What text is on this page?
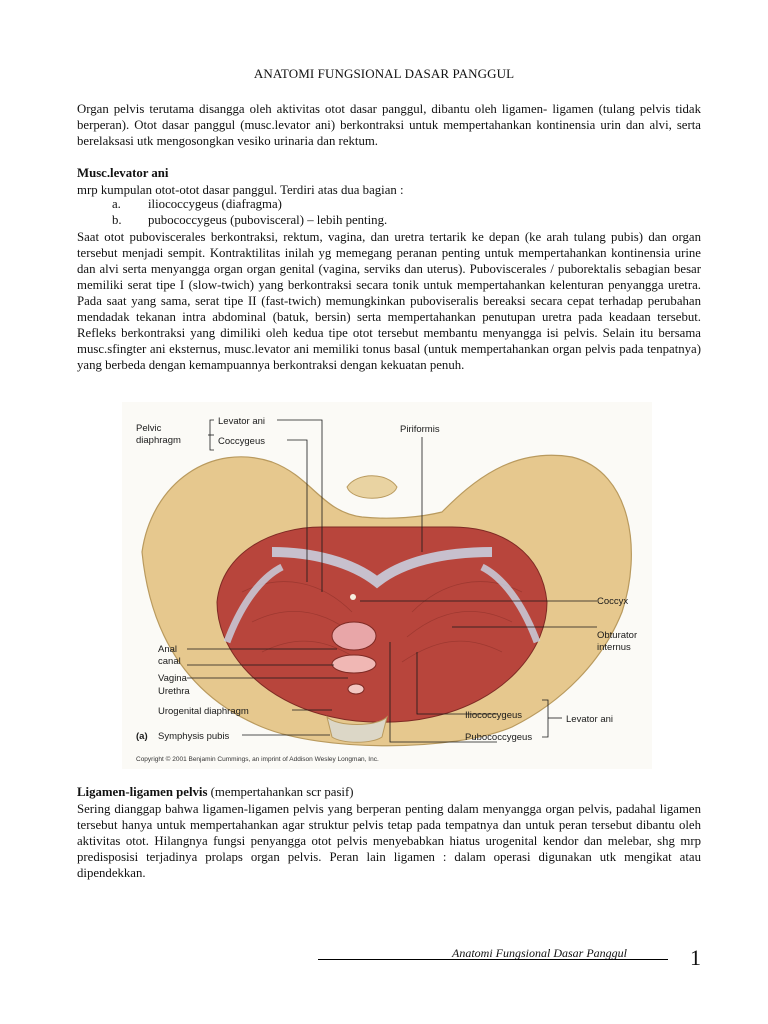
ANATOMI FUNGSIONAL DASAR PANGGUL

Organ pelvis terutama disangga oleh aktivitas otot dasar panggul, dibantu oleh ligamen- ligamen (tulang pelvis tidak berperan). Otot dasar panggul (musc.levator ani) berkontraksi untuk mempertahankan kontinensia urin dan alvi, serta berelaksasi utk mengosongkan vesiko urinaria dan rektum.

Musc.levator ani

mrp kumpulan otot-otot dasar panggul. Terdiri atas dua bagian :

a. iliococcygeus (diafragma)
b. pubococcygeus (pubovisceral) – lebih penting.

Saat otot puboviscerales berkontraksi, rektum, vagina, dan uretra tertarik ke depan (ke arah tulang pubis) dan organ tersebut menjadi sempit. Kontraktilitas inilah yg memegang peranan penting untuk mempertahankan kontinensia urine dan alvi serta menyangga organ organ genital (vagina, serviks dan uterus). Puboviscerales / puborektalis sebagian besar memiliki serat tipe I (slow-twich) yang berkontraksi secara tonik untuk mempertahankan kelenturan penyangga uretra. Pada saat yang sama, serat tipe II (fast-twich) memungkinkan puboviseralis bereaksi secara cepat terhadap perubahan mendadak tekanan intra abdominal (batuk, bersin) serta mempertahankan penutupan uretra pada keadaan tersebut. Refleks berkontraksi yang dimiliki oleh kedua tipe otot tersebut membantu menyangga isi pelvis. Selain itu bersama musc.sfingter ani eksternus, musc.levator ani memiliki tonus basal (untuk mempertahankan organ pelvis pada tenpatnya) yang berbeda dengan kemampuannya berkontraksi dengan kekuatan penuh.

Pelvic
diaphragm
Levator ani
Coccygeus
Piriformis
Coccyx
Obturator
internus
Anal
canal
Vagina
Urethra
Urogenital diaphragm
(a) Symphysis pubis
Iliococcygeus
Pubococcygeus
Levator ani
Copyright © 2001 Benjamin Cummings, an imprint of Addison Wesley Longman, Inc.

Ligamen-ligamen pelvis (mempertahankan scr pasif)

Sering dianggap bahwa ligamen-ligamen pelvis yang berperan penting dalam menyangga organ pelvis, padahal ligamen tersebut hanya untuk mempertahankan agar struktur pelvis tetap pada tempatnya dan untuk peran tersebut dibantu oleh aktivitas otot. Hilangnya fungsi penyangga otot pelvis menyebabkan hiatus urogenital kendor dan melebar, shg mrp predisposisi terjadinya prolaps organ pelvis. Peran lain ligamen : dalam operasi digunakan utk mengikat atau dipendekkan.

Anatomi Fungsional Dasar Panggul	1
